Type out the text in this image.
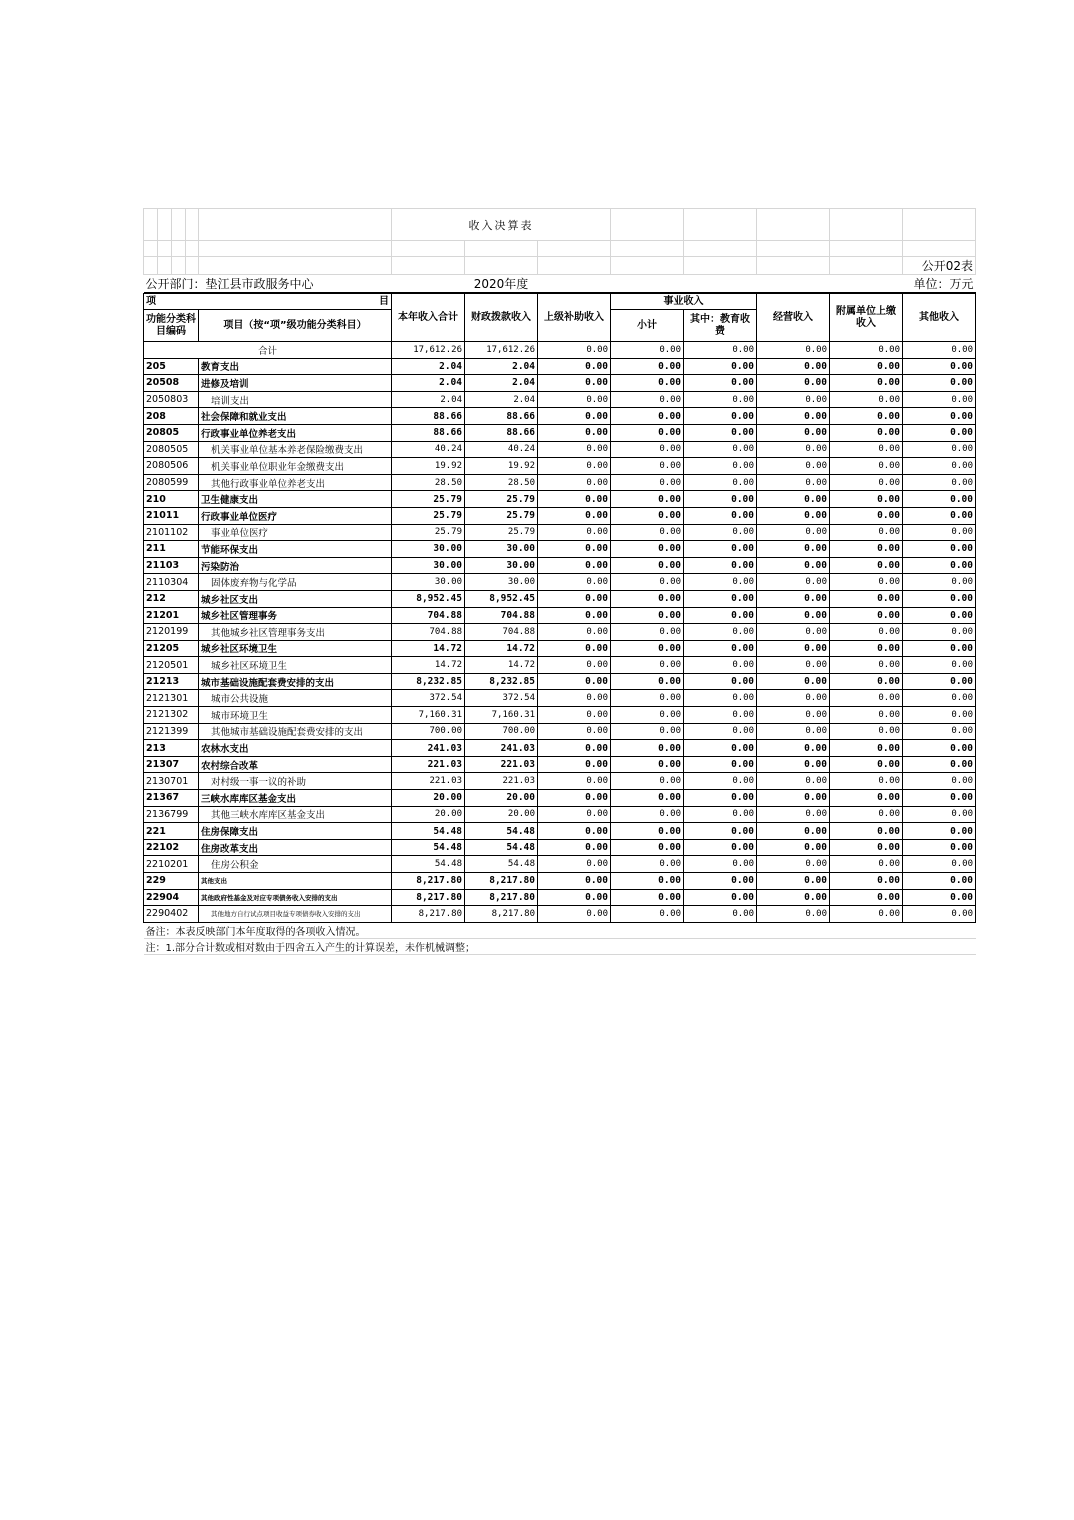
					收入决算表							

												公开02表
公开部门：垫江县市政服务中心						2020年度						单位：万元
项 目		本年收入合计	财政拨款收入	上级补助收入	事业收入		经营收入	附属单位上缴收入	其他收入
功能分类科目编码	项目（按“项”级功能分类科目）								
					小计	其中：教育收费			
合计		17,612.26	17,612.26	0.00	0.00	0.00	0.00	0.00	0.00
205	教育支出	2.04	2.04	0.00	0.00	0.00	0.00	0.00	0.00
20508	进修及培训	2.04	2.04	0.00	0.00	0.00	0.00	0.00	0.00
2050803	培训支出	2.04	2.04	0.00	0.00	0.00	0.00	0.00	0.00
208	社会保障和就业支出	88.66	88.66	0.00	0.00	0.00	0.00	0.00	0.00
20805	行政事业单位养老支出	88.66	88.66	0.00	0.00	0.00	0.00	0.00	0.00
2080505	机关事业单位基本养老保险缴费支出	40.24	40.24	0.00	0.00	0.00	0.00	0.00	0.00
2080506	机关事业单位职业年金缴费支出	19.92	19.92	0.00	0.00	0.00	0.00	0.00	0.00
2080599	其他行政事业单位养老支出	28.50	28.50	0.00	0.00	0.00	0.00	0.00	0.00
210	卫生健康支出	25.79	25.79	0.00	0.00	0.00	0.00	0.00	0.00
21011	行政事业单位医疗	25.79	25.79	0.00	0.00	0.00	0.00	0.00	0.00
2101102	事业单位医疗	25.79	25.79	0.00	0.00	0.00	0.00	0.00	0.00
211	节能环保支出	30.00	30.00	0.00	0.00	0.00	0.00	0.00	0.00
21103	污染防治	30.00	30.00	0.00	0.00	0.00	0.00	0.00	0.00
2110304	固体废弃物与化学品	30.00	30.00	0.00	0.00	0.00	0.00	0.00	0.00
212	城乡社区支出	8,952.45	8,952.45	0.00	0.00	0.00	0.00	0.00	0.00
21201	城乡社区管理事务	704.88	704.88	0.00	0.00	0.00	0.00	0.00	0.00
2120199	其他城乡社区管理事务支出	704.88	704.88	0.00	0.00	0.00	0.00	0.00	0.00
21205	城乡社区环境卫生	14.72	14.72	0.00	0.00	0.00	0.00	0.00	0.00
2120501	城乡社区环境卫生	14.72	14.72	0.00	0.00	0.00	0.00	0.00	0.00
21213	城市基础设施配套费安排的支出	8,232.85	8,232.85	0.00	0.00	0.00	0.00	0.00	0.00
2121301	城市公共设施	372.54	372.54	0.00	0.00	0.00	0.00	0.00	0.00
2121302	城市环境卫生	7,160.31	7,160.31	0.00	0.00	0.00	0.00	0.00	0.00
2121399	其他城市基础设施配套费安排的支出	700.00	700.00	0.00	0.00	0.00	0.00	0.00	0.00
213	农林水支出	241.03	241.03	0.00	0.00	0.00	0.00	0.00	0.00
21307	农村综合改革	221.03	221.03	0.00	0.00	0.00	0.00	0.00	0.00
2130701	对村级一事一议的补助	221.03	221.03	0.00	0.00	0.00	0.00	0.00	0.00
21367	三峡水库库区基金支出	20.00	20.00	0.00	0.00	0.00	0.00	0.00	0.00
2136799	其他三峡水库库区基金支出	20.00	20.00	0.00	0.00	0.00	0.00	0.00	0.00
221	住房保障支出	54.48	54.48	0.00	0.00	0.00	0.00	0.00	0.00
22102	住房改革支出	54.48	54.48	0.00	0.00	0.00	0.00	0.00	0.00
2210201	住房公积金	54.48	54.48	0.00	0.00	0.00	0.00	0.00	0.00
229	其他支出	8,217.80	8,217.80	0.00	0.00	0.00	0.00	0.00	0.00
22904	其他政府性基金及对应专项债务收入安排的支出	8,217.80	8,217.80	0.00	0.00	0.00	0.00	0.00	0.00
2290402	其他地方自行试点项目收益专项债券收入安排的支出	8,217.80	8,217.80	0.00	0.00	0.00	0.00	0.00	0.00
备注：本表反映部门本年度取得的各项收入情况。									
注：1.部分合计数或相对数由于四舍五入产生的计算误差，未作机械调整；									
